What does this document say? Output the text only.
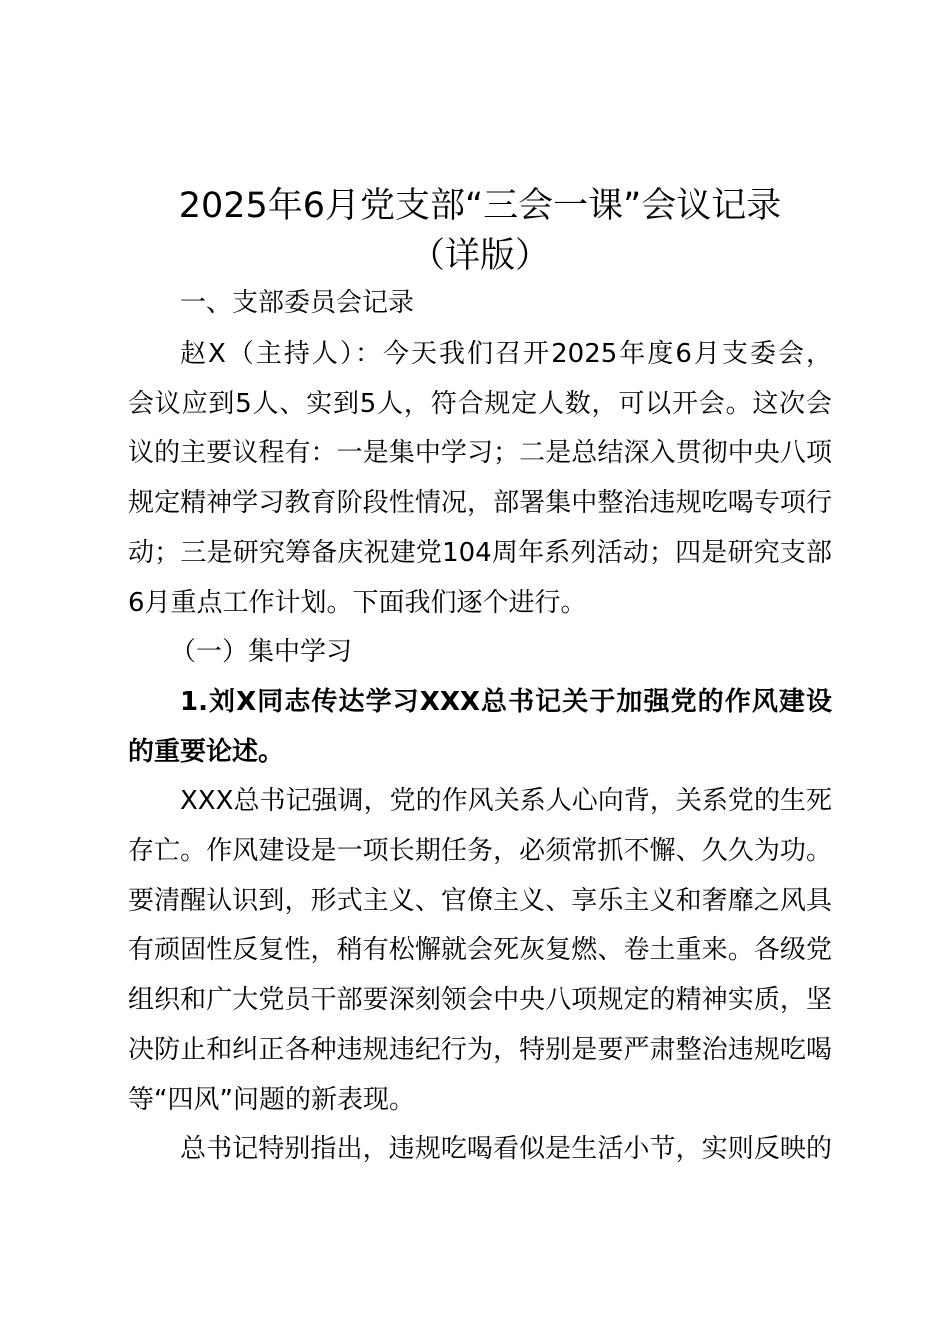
2025年6月党支部“三会一课”会议记录
（详版）

一、支部委员会记录

赵X（主持人）：今天我们召开2025年度6月支委会，

会议应到5人、实到5人，符合规定人数，可以开会。这次会

议的主要议程有：一是集中学习；二是总结深入贯彻中央八项

规定精神学习教育阶段性情况，部署集中整治违规吃喝专项行

动；三是研究筹备庆祝建党104周年系列活动；四是研究支部

6月重点工作计划。下面我们逐个进行。

（一）集中学习

1.刘X同志传达学习XXX总书记关于加强党的作风建设

的重要论述。

XXX总书记强调，党的作风关系人心向背，关系党的生死

存亡。作风建设是一项长期任务，必须常抓不懈、久久为功。

要清醒认识到，形式主义、官僚主义、享乐主义和奢靡之风具

有顽固性反复性，稍有松懈就会死灰复燃、卷土重来。各级党

组织和广大党员干部要深刻领会中央八项规定的精神实质，坚

决防止和纠正各种违规违纪行为，特别是要严肃整治违规吃喝

等“四风”问题的新表现。

总书记特别指出，违规吃喝看似是生活小节，实则反映的
